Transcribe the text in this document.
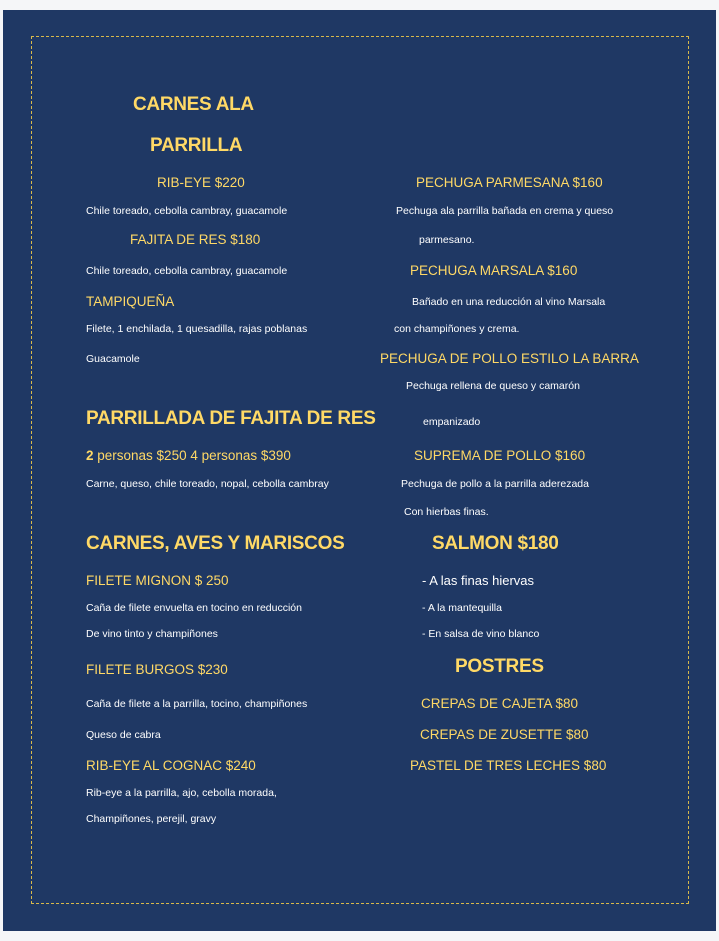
CARNES ALA
PARRILLA
RIB-EYE $220
Chile toreado, cebolla cambray, guacamole
FAJITA DE RES $180
Chile toreado, cebolla cambray, guacamole
TAMPIQUEÑA
Filete, 1 enchilada, 1 quesadilla, rajas poblanas
Guacamole
PARRILLADA DE FAJITA DE RES
2 personas $250 4 personas $390
Carne, queso, chile toreado, nopal, cebolla cambray
CARNES, AVES Y MARISCOS
FILETE MIGNON $ 250
Caña de filete envuelta en tocino en reducción
De vino tinto y champiñones
FILETE BURGOS $230
Caña de filete a la parrilla, tocino, champiñones
Queso de cabra
RIB-EYE AL COGNAC $240
Rib-eye a la parrilla, ajo, cebolla morada,
Champiñones, perejil, gravy
PECHUGA PARMESANA $160
Pechuga ala parrilla bañada en crema y queso
parmesano.
PECHUGA MARSALA $160
Bañado en una reducción al vino Marsala
con champiñones y crema.
PECHUGA DE POLLO ESTILO LA BARRA
Pechuga rellena de queso y camarón
empanizado
SUPREMA DE POLLO $160
Pechuga de pollo a la parrilla aderezada
Con hierbas finas.
SALMON $180
- A las finas hiervas
- A la mantequilla
- En salsa de vino blanco
POSTRES
CREPAS DE CAJETA $80
CREPAS DE ZUSETTE $80
PASTEL DE TRES LECHES $80
